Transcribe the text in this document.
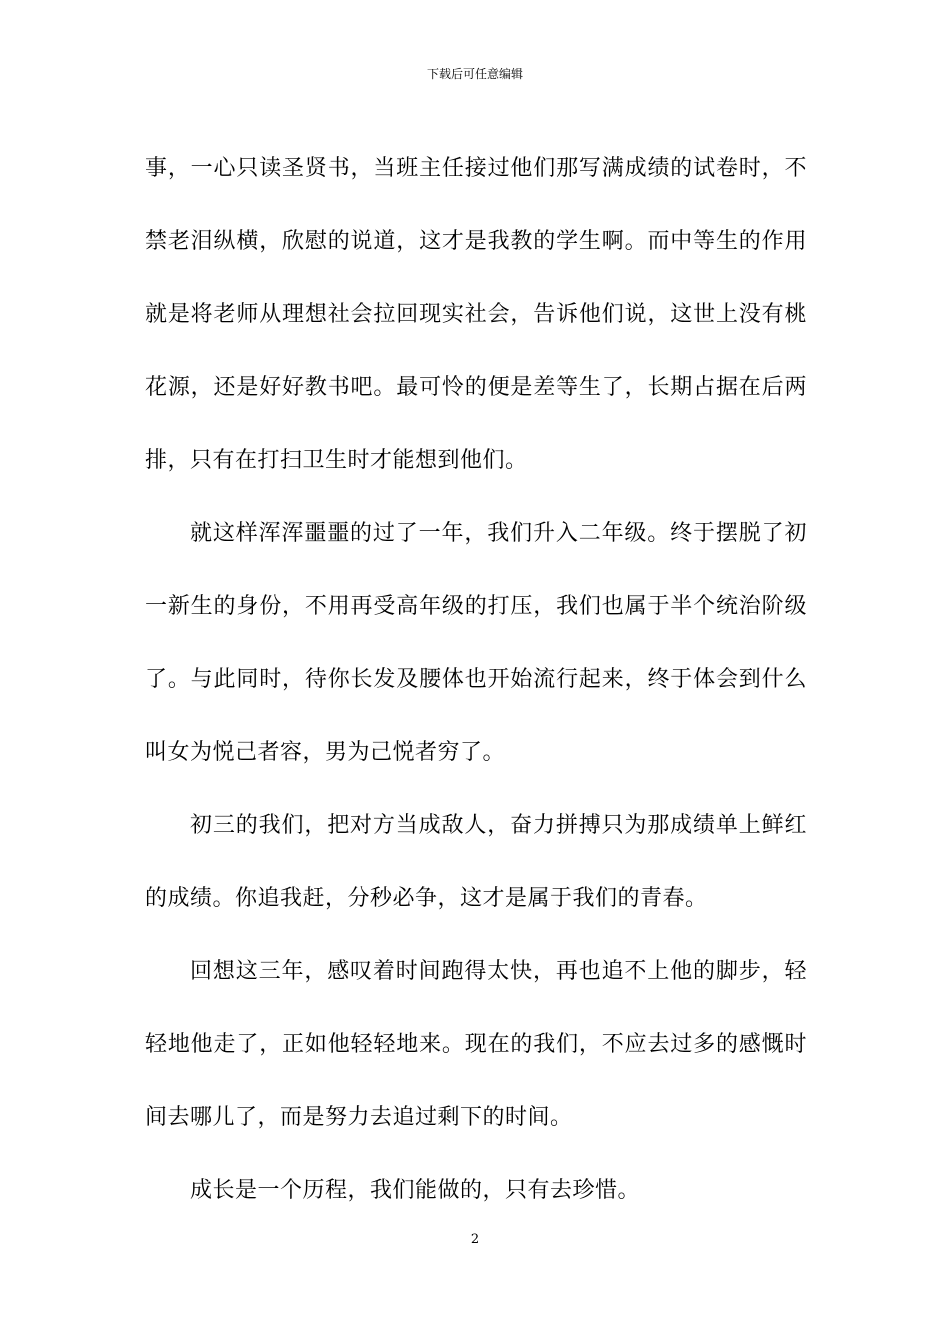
下载后可任意编辑

事，一心只读圣贤书，当班主任接过他们那写满成绩的试卷时，不禁老泪纵横，欣慰的说道，这才是我教的学生啊。而中等生的作用就是将老师从理想社会拉回现实社会，告诉他们说，这世上没有桃花源，还是好好教书吧。最可怜的便是差等生了，长期占据在后两排，只有在打扫卫生时才能想到他们。

就这样浑浑噩噩的过了一年，我们升入二年级。终于摆脱了初一新生的身份，不用再受高年级的打压，我们也属于半个统治阶级了。与此同时，待你长发及腰体也开始流行起来，终于体会到什么叫女为悦己者容，男为己悦者穷了。

初三的我们，把对方当成敌人，奋力拼搏只为那成绩单上鲜红的成绩。你追我赶，分秒必争，这才是属于我们的青春。

回想这三年，感叹着时间跑得太快，再也追不上他的脚步，轻轻地他走了，正如他轻轻地来。现在的我们，不应去过多的感慨时间去哪儿了，而是努力去追过剩下的时间。

成长是一个历程，我们能做的，只有去珍惜。

2
